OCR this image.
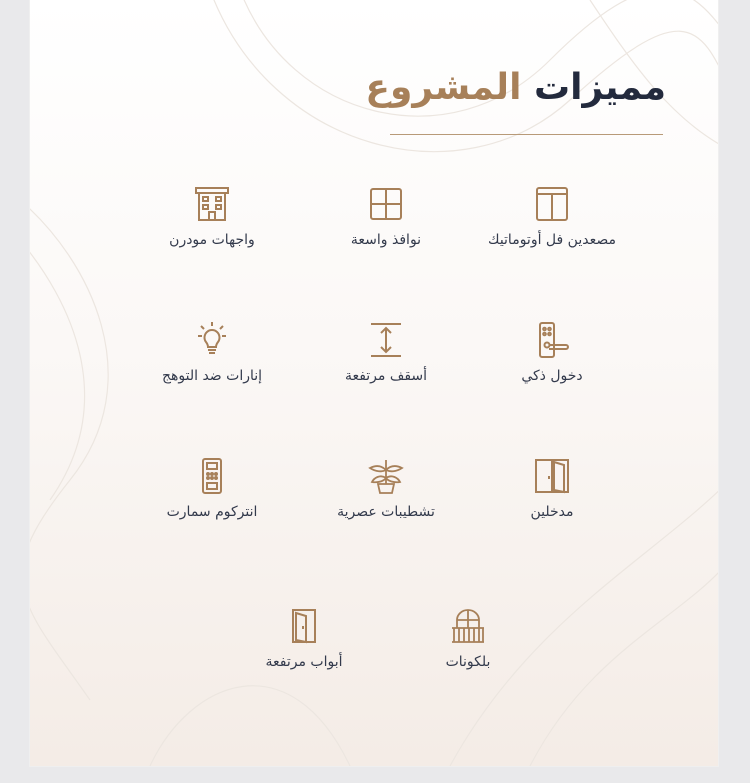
مميزات المشروع
مصعدين فل أوتوماتيك
نوافذ واسعة
واجهات مودرن
دخول ذكي
أسقف مرتفعة
إنارات ضد التوهج
مدخلين
تشطيبات عصرية
انتركوم سمارت
بلكونات
أبواب مرتفعة
